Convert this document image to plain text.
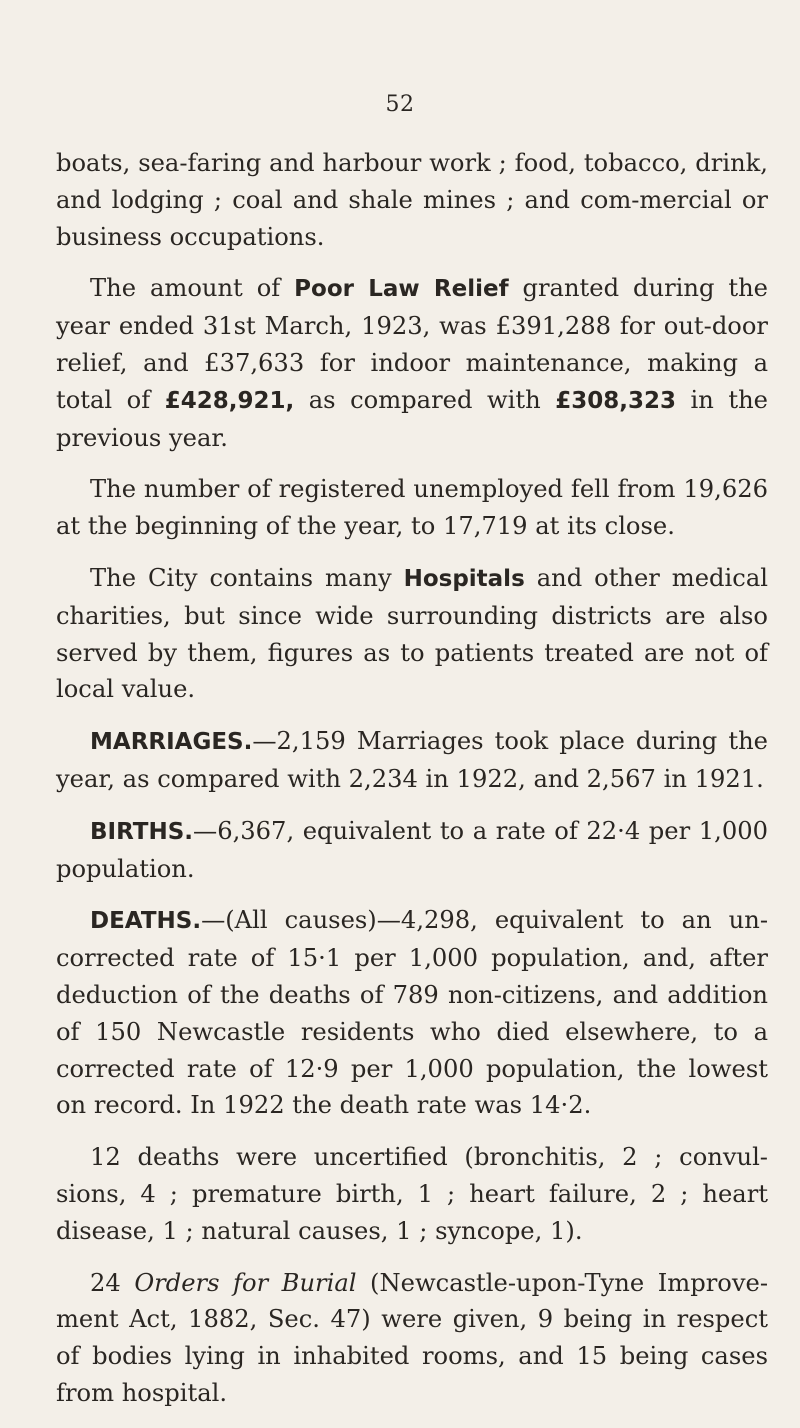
52

boats, sea-faring and harbour work ; food, tobacco, drink, and lodging ; coal and shale mines ; and com-mercial or business occupations.

The amount of Poor Law Relief granted during the year ended 31st March, 1923, was £391,288 for out-door relief, and £37,633 for indoor maintenance, making a total of £428,921, as compared with £308,323 in the previous year.

The number of registered unemployed fell from 19,626 at the beginning of the year, to 17,719 at its close.

The City contains many Hospitals and other medical charities, but since wide surrounding districts are also served by them, figures as to patients treated are not of local value.

MARRIAGES.—2,159 Marriages took place during the year, as compared with 2,234 in 1922, and 2,567 in 1921.

BIRTHS.—6,367, equivalent to a rate of 22·4 per 1,000 population.

DEATHS.—(All causes)—4,298, equivalent to an un-corrected rate of 15·1 per 1,000 population, and, after deduction of the deaths of 789 non-citizens, and addition of 150 Newcastle residents who died elsewhere, to a corrected rate of 12·9 per 1,000 population, the lowest on record. In 1922 the death rate was 14·2.

12 deaths were uncertified (bronchitis, 2 ; convul-sions, 4 ; premature birth, 1 ; heart failure, 2 ; heart disease, 1 ; natural causes, 1 ; syncope, 1).

24 Orders for Burial (Newcastle-upon-Tyne Improve-ment Act, 1882, Sec. 47) were given, 9 being in respect of bodies lying in inhabited rooms, and 15 being cases from hospital.
